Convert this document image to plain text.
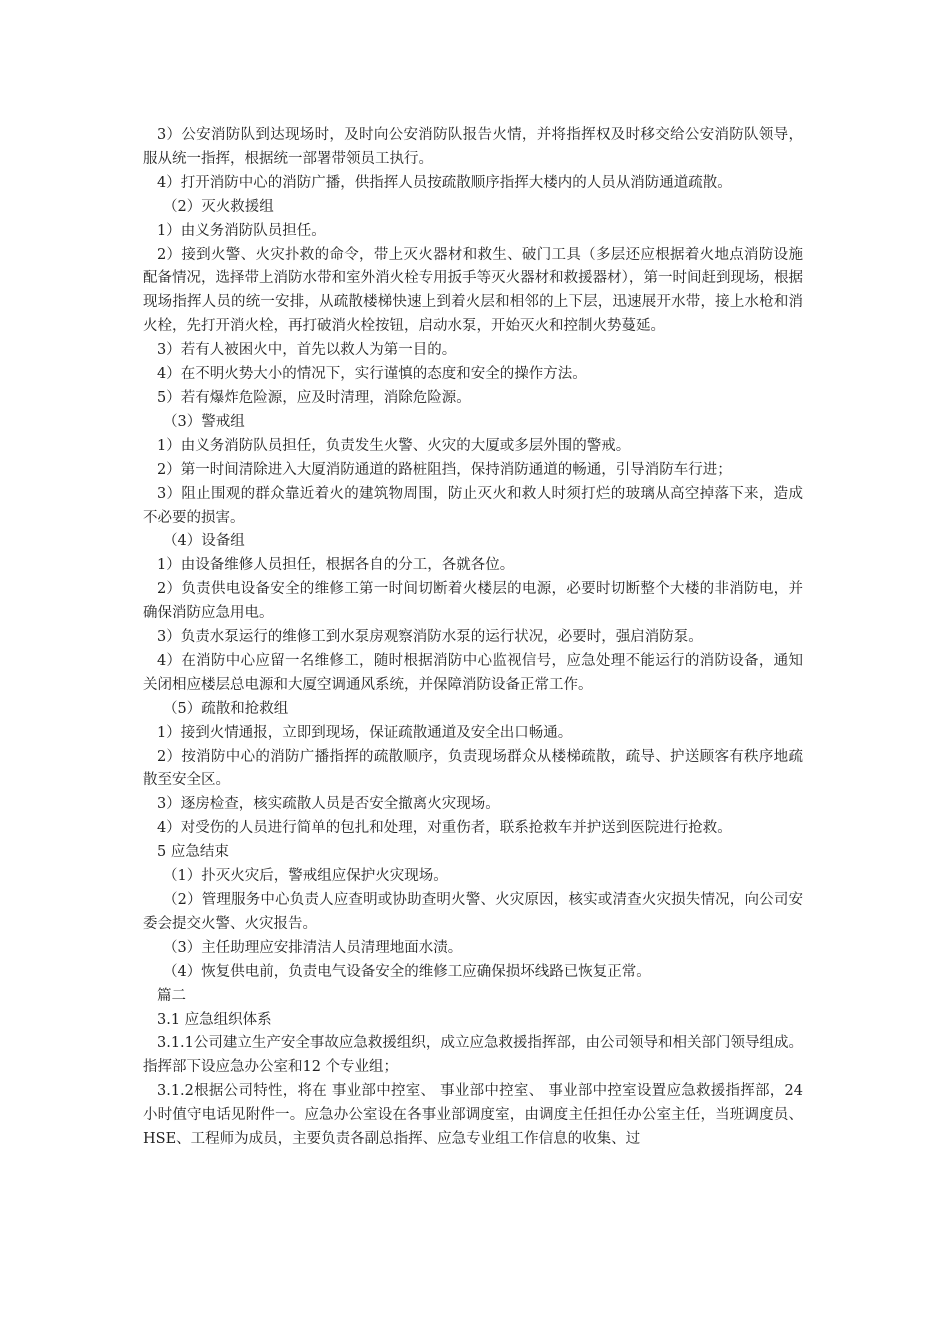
3）公安消防队到达现场时，及时向公安消防队报告火情，并将指挥权及时移交给公安消防队领导，服从统一指挥，根据统一部署带领员工执行。

4）打开消防中心的消防广播，供指挥人员按疏散顺序指挥大楼内的人员从消防通道疏散。

（2）灭火救援组

1）由义务消防队员担任。

2）接到火警、火灾扑救的命令，带上灭火器材和救生、破门工具（多层还应根据着火地点消防设施配备情况，选择带上消防水带和室外消火栓专用扳手等灭火器材和救援器材），第一时间赶到现场，根据现场指挥人员的统一安排，从疏散楼梯快速上到着火层和相邻的上下层，迅速展开水带，接上水枪和消火栓，先打开消火栓，再打破消火栓按钮，启动水泵，开始灭火和控制火势蔓延。

3）若有人被困火中，首先以救人为第一目的。

4）在不明火势大小的情况下，实行谨慎的态度和安全的操作方法。

5）若有爆炸危险源，应及时清理，消除危险源。

（3）警戒组

1）由义务消防队员担任，负责发生火警、火灾的大厦或多层外围的警戒。

2）第一时间清除进入大厦消防通道的路桩阻挡，保持消防通道的畅通，引导消防车行进；

3）阻止围观的群众靠近着火的建筑物周围，防止灭火和救人时须打烂的玻璃从高空掉落下来，造成不必要的损害。

（4）设备组

1）由设备维修人员担任，根据各自的分工，各就各位。

2）负责供电设备安全的维修工第一时间切断着火楼层的电源，必要时切断整个大楼的非消防电，并确保消防应急用电。

3）负责水泵运行的维修工到水泵房观察消防水泵的运行状况，必要时，强启消防泵。

4）在消防中心应留一名维修工，随时根据消防中心监视信号，应急处理不能运行的消防设备，通知关闭相应楼层总电源和大厦空调通风系统，并保障消防设备正常工作。

（5）疏散和抢救组

1）接到火情通报，立即到现场，保证疏散通道及安全出口畅通。

2）按消防中心的消防广播指挥的疏散顺序，负责现场群众从楼梯疏散，疏导、护送顾客有秩序地疏散至安全区。

3）逐房检查，核实疏散人员是否安全撤离火灾现场。

4）对受伤的人员进行简单的包扎和处理，对重伤者，联系抢救车并护送到医院进行抢救。

5 应急结束

（1）扑灭火灾后，警戒组应保护火灾现场。

（2）管理服务中心负责人应查明或协助查明火警、火灾原因，核实或清查火灾损失情况，向公司安委会提交火警、火灾报告。

（3）主任助理应安排清洁人员清理地面水渍。

（4）恢复供电前，负责电气设备安全的维修工应确保损坏线路已恢复正常。

篇二

3.1 应急组织体系

3.1.1公司建立生产安全事故应急救援组织，成立应急救援指挥部，由公司领导和相关部门领导组成。指挥部下设应急办公室和12 个专业组；

3.1.2根据公司特性，将在 事业部中控室、 事业部中控室、 事业部中控室设置应急救援指挥部，24小时值守电话见附件一。应急办公室设在各事业部调度室，由调度主任担任办公室主任，当班调度员、HSE、工程师为成员，主要负责各副总指挥、应急专业组工作信息的收集、过
